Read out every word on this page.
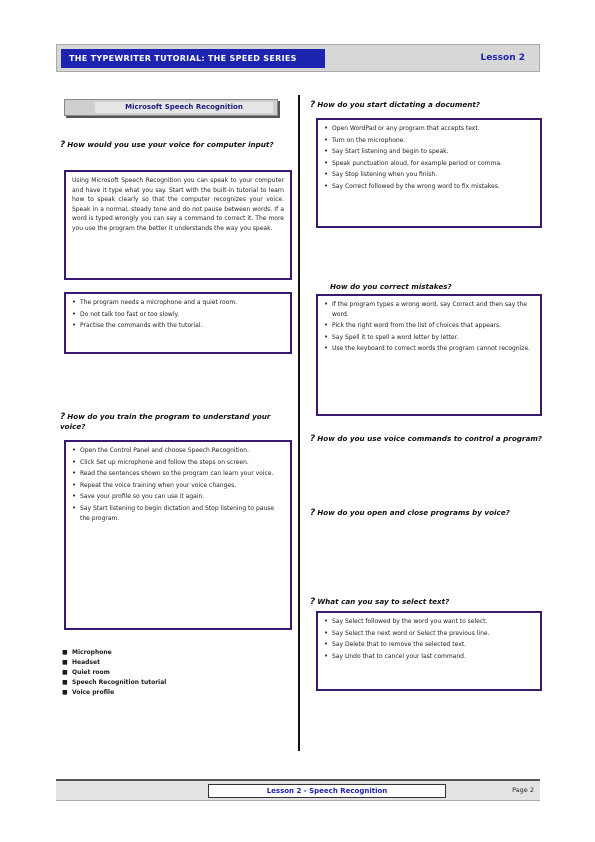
THE TYPEWRITER TUTORIAL: THE SPEED SERIES	Lesson 2
Microsoft Speech Recognition
? How would you use your voice for computer input?

Using Microsoft Speech Recognition you can speak to your computer and have it type what you say. Start with the built-in tutorial to learn how to speak clearly so that the computer recognizes your voice. Speak in a normal, steady tone and do not pause between words. If a word is typed wrongly you can say a command to correct it. The more you use the program the better it understands the way you speak.

• The program needs a microphone and a quiet room.
• Do not talk too fast or too slowly.
• Practise the commands with the tutorial.
? How do you train the program to understand your voice?
• Open the Control Panel and choose Speech Recognition.
• Click Set up microphone and follow the steps on screen.
• Read the sentences shown so the program can learn your voice.
• Repeat the voice training when your voice changes.
• Save your profile so you can use it again.
• Say Start listening to begin dictation and Stop listening to pause the program.
■ Microphone
■ Headset
■ Quiet room
■ Speech Recognition tutorial
■ Voice profile
? How do you start dictating a document?
• Open WordPad or any program that accepts text.
• Turn on the microphone.
• Say Start listening and begin to speak.
• Speak punctuation aloud, for example period or comma.
• Say Stop listening when you finish.
• Say Correct followed by the wrong word to fix mistakes.
How do you correct mistakes?
• If the program types a wrong word, say Correct and then say the word.
• Pick the right word from the list of choices that appears.
• Say Spell it to spell a word letter by letter.
• Use the keyboard to correct words the program cannot recognize.
? How do you use voice commands to control a program?
? How do you open and close programs by voice?
? What can you say to select text?
• Say Select followed by the word you want to select.
• Say Select the next word or Select the previous line.
• Say Delete that to remove the selected text.
• Say Undo that to cancel your last command.
Lesson 2 - Speech Recognition	Page 2
